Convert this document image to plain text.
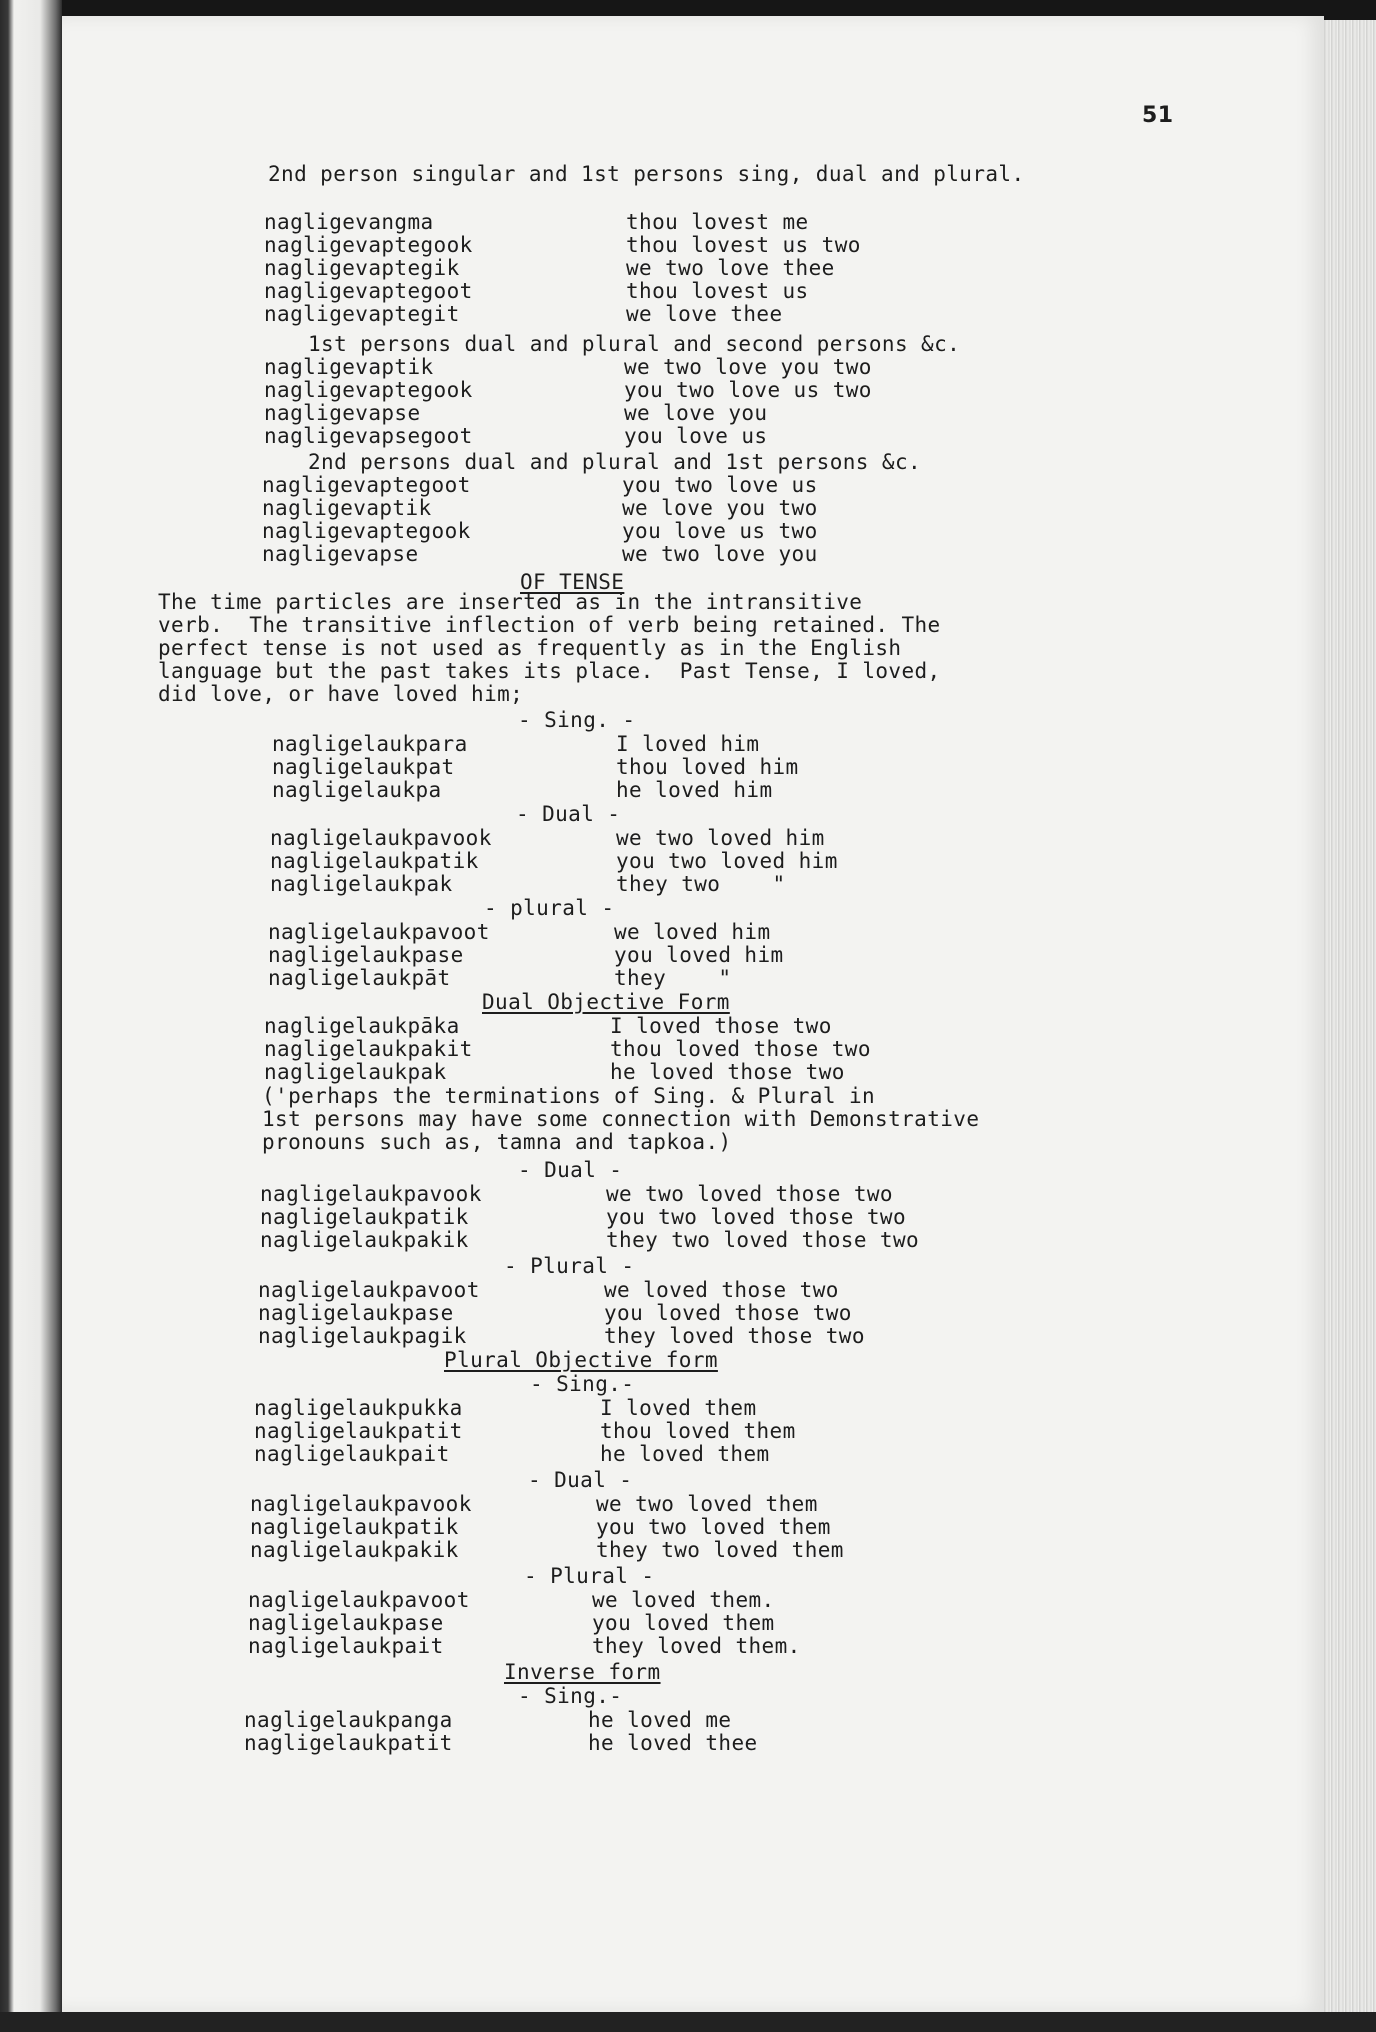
51
2nd person singular and 1st persons sing, dual and plural.
nagligevangma	thou lovest me
nagligevaptegook	thou lovest us two
nagligevaptegik	we two love thee
nagligevaptegoot	thou lovest us
nagligevaptegit	we love thee
1st persons dual and plural and second persons &c.
nagligevaptik	we two love you two
nagligevaptegook	you two love us two
nagligevapse	we love you
nagligevapsegoot	you love us
2nd persons dual and plural and 1st persons &c.
nagligevaptegoot	you two love us
nagligevaptik	we love you two
nagligevaptegook	you love us two
nagligevapse	we two love you
OF TENSE
The time particles are inserted as in the intransitive
verb.  The transitive inflection of verb being retained. The
perfect tense is not used as frequently as in the English
language but the past takes its place.  Past Tense, I loved,
did love, or have loved him;
- Sing. -
nagligelaukpara	I loved him
nagligelaukpat	thou loved him
nagligelaukpa	he loved him
- Dual -
nagligelaukpavook	we two loved him
nagligelaukpatik	you two loved him
nagligelaukpak	they two    "
- plural -
nagligelaukpavoot	we loved him
nagligelaukpase	you loved him
nagligelaukpāt	they    "
Dual Objective Form
nagligelaukpāka	I loved those two
nagligelaukpakit	thou loved those two
nagligelaukpak	he loved those two
('perhaps the terminations of Sing. & Plural in
1st persons may have some connection with Demonstrative
pronouns such as, tamna and tapkoa.)
- Dual -
nagligelaukpavook	we two loved those two
nagligelaukpatik	you two loved those two
nagligelaukpakik	they two loved those two
- Plural -
nagligelaukpavoot	we loved those two
nagligelaukpase	you loved those two
nagligelaukpagik	they loved those two
Plural Objective form
- Sing.-
nagligelaukpukka	I loved them
nagligelaukpatit	thou loved them
nagligelaukpait	he loved them
- Dual -
nagligelaukpavook	we two loved them
nagligelaukpatik	you two loved them
nagligelaukpakik	they two loved them
- Plural -
nagligelaukpavoot	we loved them.
nagligelaukpase	you loved them
nagligelaukpait	they loved them.
Inverse form
- Sing.-
nagligelaukpanga	he loved me
nagligelaukpatit	he loved thee
